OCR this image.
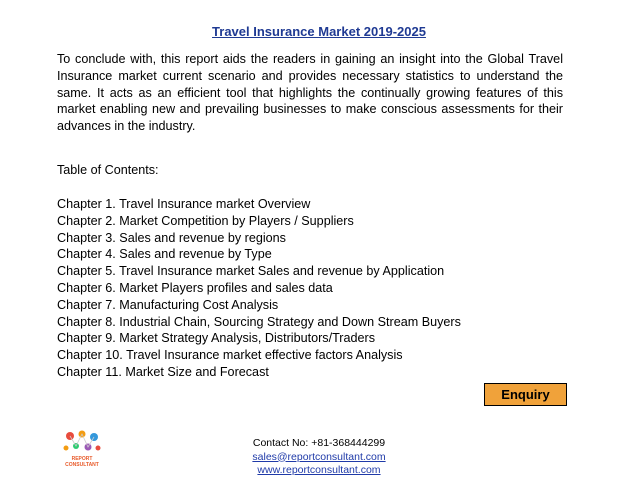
Travel Insurance Market 2019-2025

To conclude with, this report aids the readers in gaining an insight into the Global Travel Insurance market current scenario and provides necessary statistics to understand the same. It acts as an efficient tool that highlights the continually growing features of this market enabling new and prevailing businesses to make conscious assessments for their advances in the industry.

Table of Contents:

Chapter 1. Travel Insurance market Overview
Chapter 2. Market Competition by Players / Suppliers
Chapter 3. Sales and revenue by regions
Chapter 4. Sales and revenue by Type
Chapter 5. Travel Insurance market Sales and revenue by Application
Chapter 6. Market Players profiles and sales data
Chapter 7. Manufacturing Cost Analysis
Chapter 8. Industrial Chain, Sourcing Strategy and Down Stream Buyers
Chapter 9. Market Strategy Analysis, Distributors/Traders
Chapter 10. Travel Insurance market effective factors Analysis
Chapter 11. Market Size and Forecast
Enquiry
REPORT
CONSULTANT
Contact No: +81-368444299
sales@reportconsultant.com
www.reportconsultant.com
